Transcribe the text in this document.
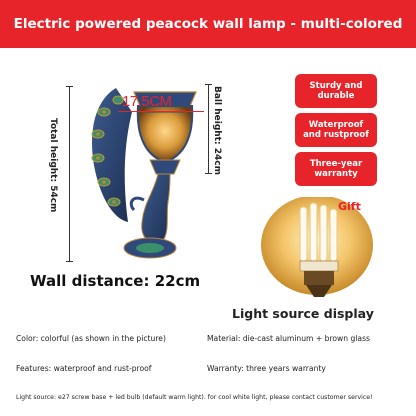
Electric powered peacock wall lamp - multi-colored
Total height: 54cm	Ball height: 24cm
17.5CM
Wall distance: 22cm
Sturdy and durable
Waterproof and rustproof
Three-year warranty
Gift
Light source display
Color: colorful (as shown in the picture)	Material: die-cast aluminum + brown glass
Features: waterproof and rust-proof	Warranty: three years warranty
Light source: e27 screw base + led bulb (default warm light). for cool white light, please contact customer service!
